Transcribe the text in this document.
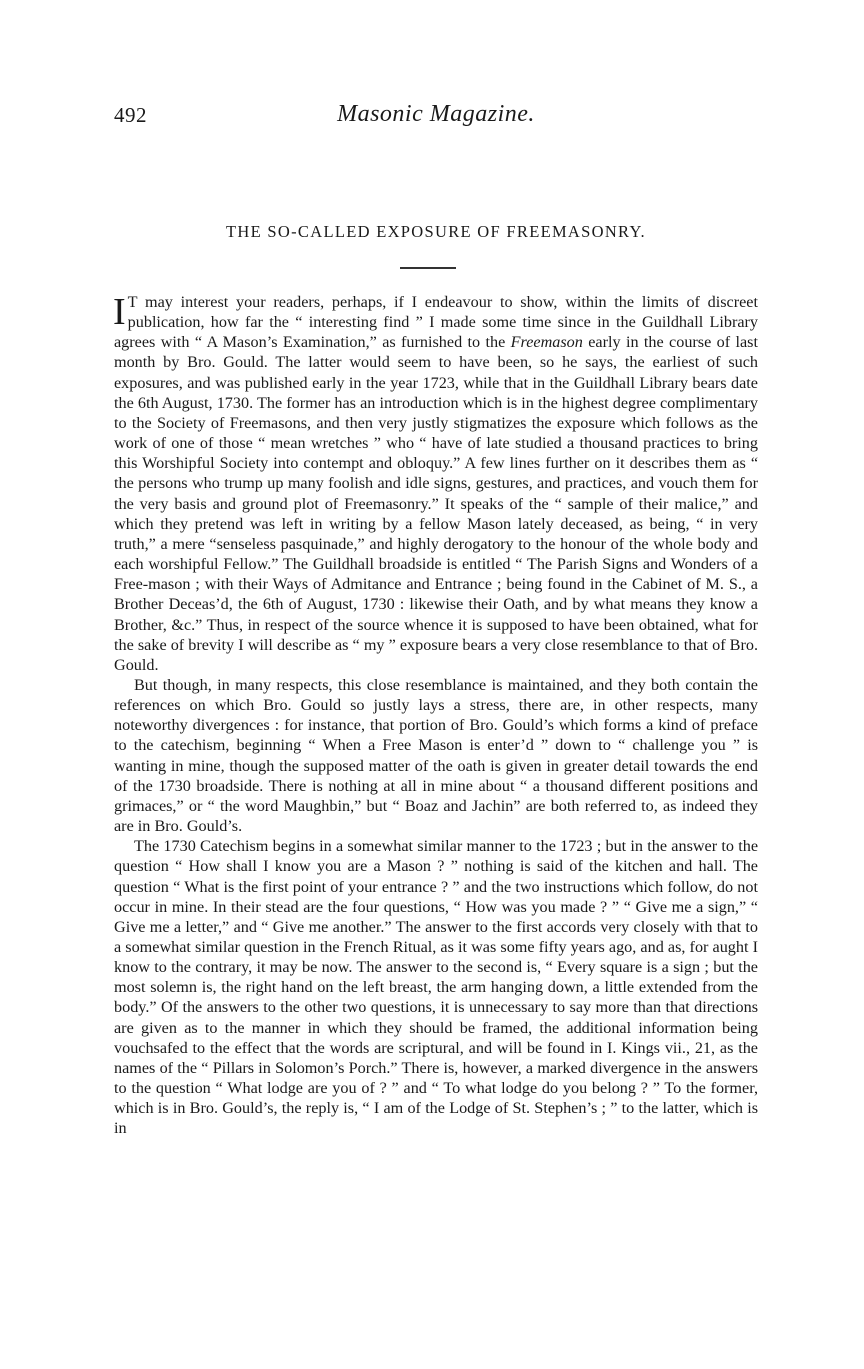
492	Masonic Magazine.
THE SO-CALLED EXPOSURE OF FREEMASONRY.

I T may interest your readers, perhaps, if I endeavour to show, within the limits of discreet publication, how far the “ interesting find ” I made some time since in the Guildhall Library agrees with “ A Mason’s Examination,” as furnished to the Freemason early in the course of last month by Bro. Gould. The latter would seem to have been, so he says, the earliest of such exposures, and was published early in the year 1723, while that in the Guildhall Library bears date the 6th August, 1730. The former has an introduction which is in the highest degree complimentary to the Society of Freemasons, and then very justly stigmatizes the exposure which follows as the work of one of those “ mean wretches ” who “ have of late studied a thousand practices to bring this Worshipful Society into contempt and obloquy.” A few lines further on it describes them as “ the persons who trump up many foolish and idle signs, gestures, and practices, and vouch them for the very basis and ground plot of Freemasonry.” It speaks of the “ sample of their malice,” and which they pretend was left in writing by a fellow Mason lately deceased, as being, “ in very truth,” a mere “senseless pasquinade,” and highly derogatory to the honour of the whole body and each worshipful Fellow.” The Guildhall broadside is entitled “ The Parish Signs and Wonders of a Free-mason ; with their Ways of Admitance and Entrance ; being found in the Cabinet of M. S., a Brother Deceas’d, the 6th of August, 1730 : likewise their Oath, and by what means they know a Brother, &c.” Thus, in respect of the source whence it is supposed to have been obtained, what for the sake of brevity I will describe as “ my ” exposure bears a very close resemblance to that of Bro. Gould.

But though, in many respects, this close resemblance is maintained, and they both contain the references on which Bro. Gould so justly lays a stress, there are, in other respects, many noteworthy divergences : for instance, that portion of Bro. Gould’s which forms a kind of preface to the catechism, beginning “ When a Free Mason is enter’d ” down to “ challenge you ” is wanting in mine, though the supposed matter of the oath is given in greater detail towards the end of the 1730 broadside. There is nothing at all in mine about “ a thousand different positions and grimaces,” or “ the word Maughbin,” but “ Boaz and Jachin” are both referred to, as indeed they are in Bro. Gould’s.

The 1730 Catechism begins in a somewhat similar manner to the 1723 ; but in the answer to the question “ How shall I know you are a Mason ? ” nothing is said of the kitchen and hall. The question “ What is the first point of your entrance ? ” and the two instructions which follow, do not occur in mine. In their stead are the four questions, “ How was you made ? ” “ Give me a sign,” “ Give me a letter,” and “ Give me another.” The answer to the first accords very closely with that to a somewhat similar question in the French Ritual, as it was some fifty years ago, and as, for aught I know to the contrary, it may be now. The answer to the second is, “ Every square is a sign ; but the most solemn is, the right hand on the left breast, the arm hanging down, a little extended from the body.” Of the answers to the other two questions, it is unnecessary to say more than that directions are given as to the manner in which they should be framed, the additional information being vouchsafed to the effect that the words are scriptural, and will be found in I. Kings vii., 21, as the names of the “ Pillars in Solomon’s Porch.” There is, however, a marked divergence in the answers to the question “ What lodge are you of ? ” and “ To what lodge do you belong ? ” To the former, which is in Bro. Gould’s, the reply is, “ I am of the Lodge of St. Stephen’s ; ” to the latter, which is in
